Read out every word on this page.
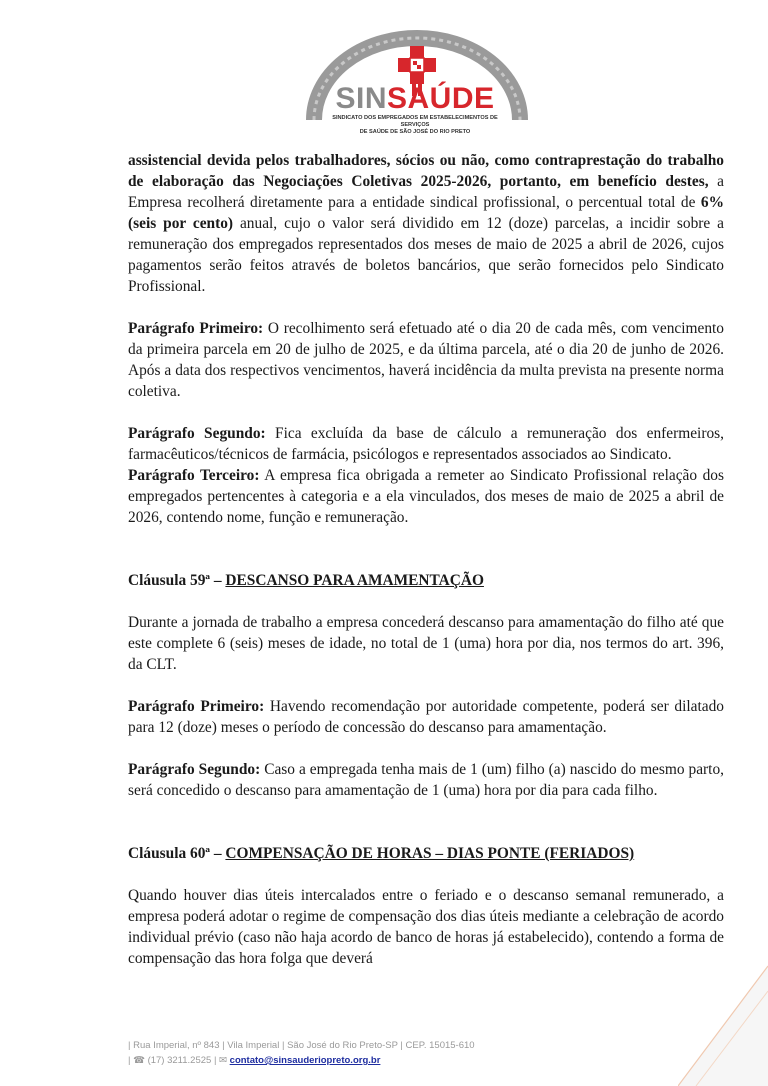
SINSAÚDE
SINDICATO DOS EMPREGADOS EM ESTABELECIMENTOS DE SERVIÇOS
DE SAÚDE DE SÃO JOSÉ DO RIO PRETO

assistencial devida pelos trabalhadores, sócios ou não, como contraprestação do trabalho de elaboração das Negociações Coletivas 2025-2026, portanto, em benefício destes, a Empresa recolherá diretamente para a entidade sindical profissional, o percentual total de 6% (seis por cento) anual, cujo o valor será dividido em 12 (doze) parcelas, a incidir sobre a remuneração dos empregados representados dos meses de maio de 2025 a abril de 2026, cujos pagamentos serão feitos através de boletos bancários, que serão fornecidos pelo Sindicato Profissional.

Parágrafo Primeiro: O recolhimento será efetuado até o dia 20 de cada mês, com vencimento da primeira parcela em 20 de julho de 2025, e da última parcela, até o dia 20 de junho de 2026. Após a data dos respectivos vencimentos, haverá incidência da multa prevista na presente norma coletiva.

Parágrafo Segundo: Fica excluída da base de cálculo a remuneração dos enfermeiros, farmacêuticos/técnicos de farmácia, psicólogos e representados associados ao Sindicato.

Parágrafo Terceiro: A empresa fica obrigada a remeter ao Sindicato Profissional relação dos empregados pertencentes à categoria e a ela vinculados, dos meses de maio de 2025 a abril de 2026, contendo nome, função e remuneração.

Cláusula 59ª – DESCANSO PARA AMAMENTAÇÃO

Durante a jornada de trabalho a empresa concederá descanso para amamentação do filho até que este complete 6 (seis) meses de idade, no total de 1 (uma) hora por dia, nos termos do art. 396, da CLT.

Parágrafo Primeiro: Havendo recomendação por autoridade competente, poderá ser dilatado para 12 (doze) meses o período de concessão do descanso para amamentação.

Parágrafo Segundo: Caso a empregada tenha mais de 1 (um) filho (a) nascido do mesmo parto, será concedido o descanso para amamentação de 1 (uma) hora por dia para cada filho.

Cláusula 60ª – COMPENSAÇÃO DE HORAS – DIAS PONTE (FERIADOS)

Quando houver dias úteis intercalados entre o feriado e o descanso semanal remunerado, a empresa poderá adotar o regime de compensação dos dias úteis mediante a celebração de acordo individual prévio (caso não haja acordo de banco de horas já estabelecido), contendo a forma de compensação das hora folga que deverá

| Rua Imperial, nº 843 | Vila Imperial | São José do Rio Preto-SP | CEP. 15015-610
| ☎ (17) 3211.2525 | ✉ contato@sinsauderiopreto.org.br
